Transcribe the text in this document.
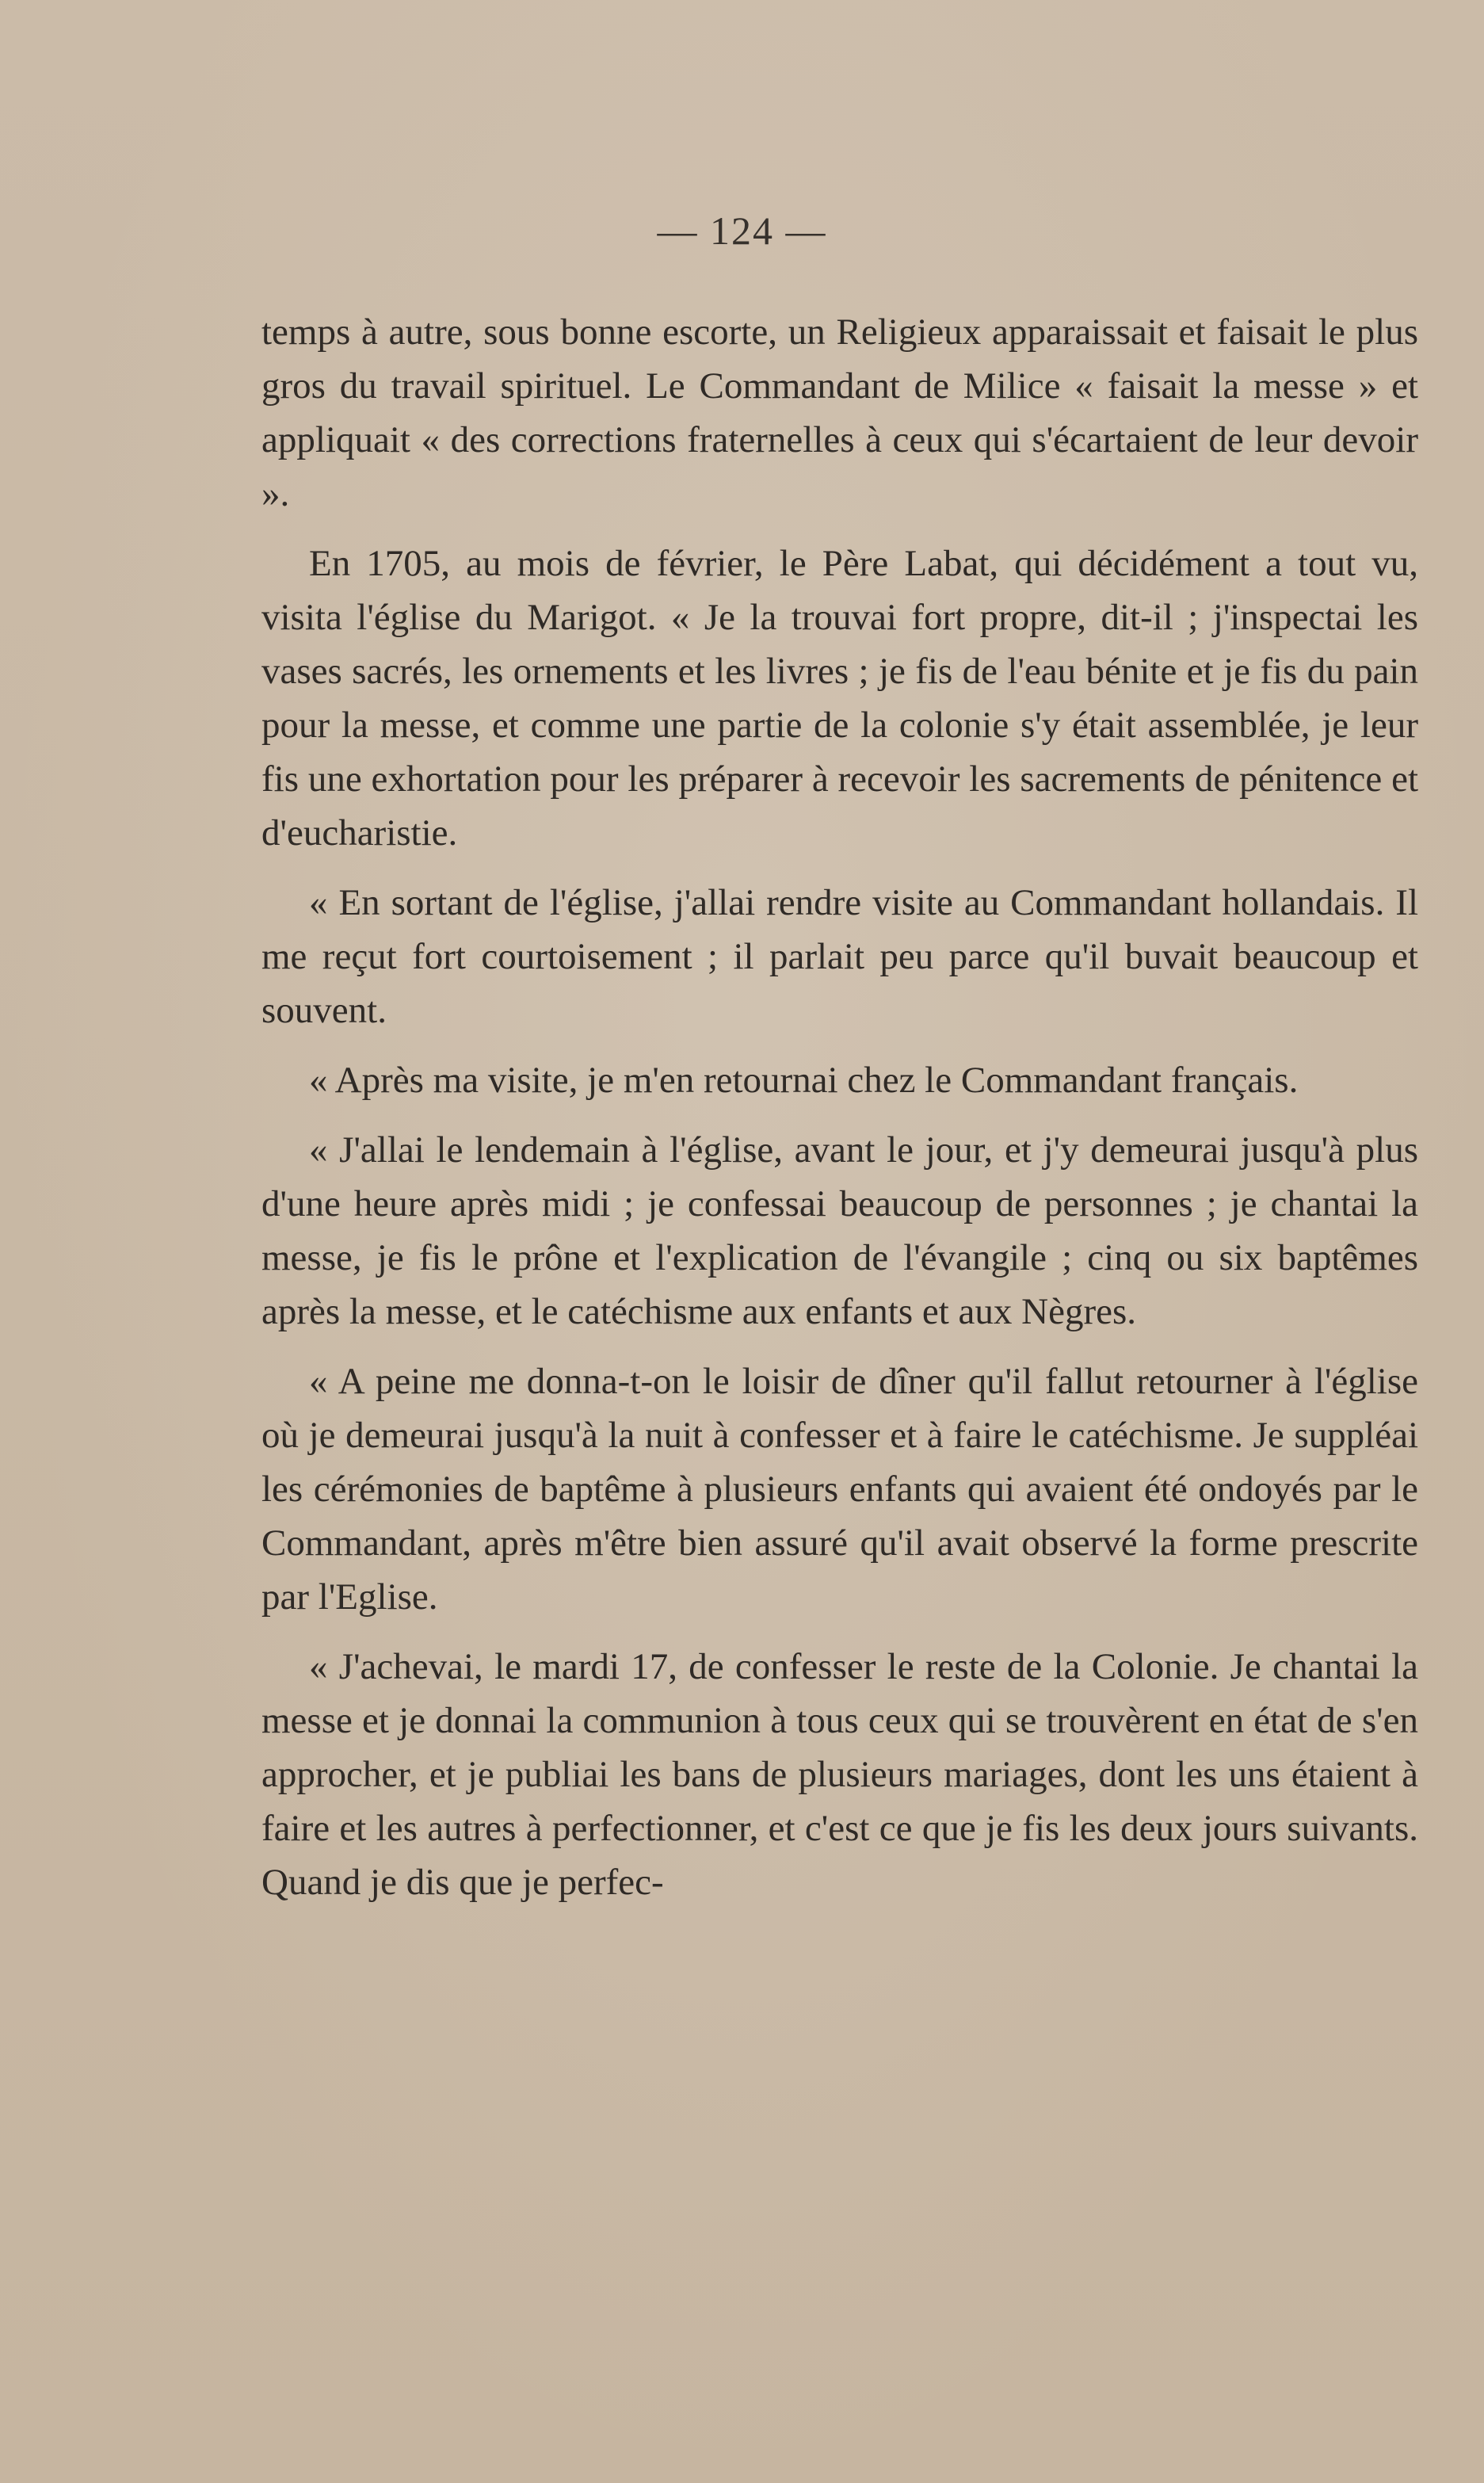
— 124 —

temps à autre, sous bonne escorte, un Religieux apparaissait et faisait le plus gros du travail spirituel. Le Commandant de Milice « faisait la messe » et appliquait « des corrections fraternelles à ceux qui s'écartaient de leur devoir ».

En 1705, au mois de février, le Père Labat, qui décidément a tout vu, visita l'église du Marigot. « Je la trouvai fort propre, dit-il ; j'inspectai les vases sacrés, les ornements et les livres ; je fis de l'eau bénite et je fis du pain pour la messe, et comme une partie de la colonie s'y était assemblée, je leur fis une exhortation pour les préparer à recevoir les sacrements de pénitence et d'eucharistie.

« En sortant de l'église, j'allai rendre visite au Commandant hollandais. Il me reçut fort courtoisement ; il parlait peu parce qu'il buvait beaucoup et souvent.

« Après ma visite, je m'en retournai chez le Commandant français.

« J'allai le lendemain à l'église, avant le jour, et j'y demeurai jusqu'à plus d'une heure après midi ; je confessai beaucoup de personnes ; je chantai la messe, je fis le prône et l'explication de l'évangile ; cinq ou six baptêmes après la messe, et le catéchisme aux enfants et aux Nègres.

« A peine me donna-t-on le loisir de dîner qu'il fallut retourner à l'église où je demeurai jusqu'à la nuit à confesser et à faire le catéchisme. Je suppléai les cérémonies de baptême à plusieurs enfants qui avaient été ondoyés par le Commandant, après m'être bien assuré qu'il avait observé la forme prescrite par l'Eglise.

« J'achevai, le mardi 17, de confesser le reste de la Colonie. Je chantai la messe et je donnai la communion à tous ceux qui se trouvèrent en état de s'en approcher, et je publiai les bans de plusieurs mariages, dont les uns étaient à faire et les autres à perfectionner, et c'est ce que je fis les deux jours suivants. Quand je dis que je perfec-
